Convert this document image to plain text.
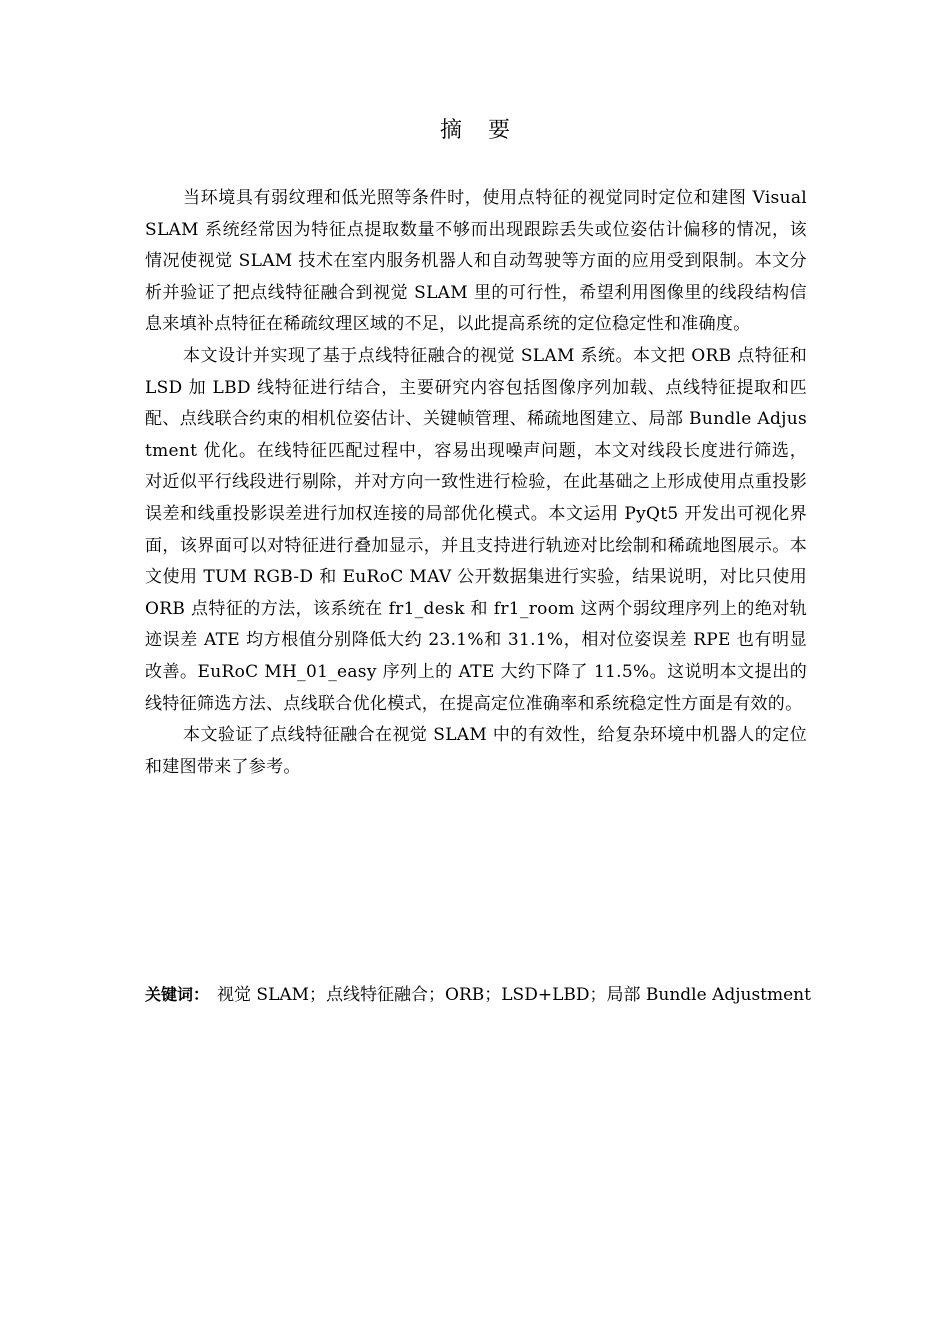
摘要

当环境具有弱纹理和低光照等条件时，使用点特征的视觉同时定位和建图 Visual SLAM 系统经常因为特征点提取数量不够而出现跟踪丢失或位姿估计偏移的情况，该情况使视觉 SLAM 技术在室内服务机器人和自动驾驶等方面的应用受到限制。本文分析并验证了把点线特征融合到视觉 SLAM 里的可行性，希望利用图像里的线段结构信息来填补点特征在稀疏纹理区域的不足，以此提高系统的定位稳定性和准确度。

本文设计并实现了基于点线特征融合的视觉 SLAM 系统。本文把 ORB 点特征和 LSD 加 LBD 线特征进行结合，主要研究内容包括图像序列加载、点线特征提取和匹配、点线联合约束的相机位姿估计、关键帧管理、稀疏地图建立、局部 Bundle Adjustment 优化。在线特征匹配过程中，容易出现噪声问题，本文对线段长度进行筛选，对近似平行线段进行剔除，并对方向一致性进行检验，在此基础之上形成使用点重投影误差和线重投影误差进行加权连接的局部优化模式。本文运用 PyQt5 开发出可视化界面，该界面可以对特征进行叠加显示，并且支持进行轨迹对比绘制和稀疏地图展示。本文使用 TUM RGB-D 和 EuRoC MAV 公开数据集进行实验，结果说明，对比只使用 ORB 点特征的方法，该系统在 fr1_desk 和 fr1_room 这两个弱纹理序列上的绝对轨迹误差 ATE 均方根值分别降低大约 23.1%和 31.1%，相对位姿误差 RPE 也有明显改善。EuRoC MH_01_easy 序列上的 ATE 大约下降了 11.5%。这说明本文提出的线特征筛选方法、点线联合优化模式，在提高定位准确率和系统稳定性方面是有效的。

本文验证了点线特征融合在视觉 SLAM 中的有效性，给复杂环境中机器人的定位和建图带来了参考。

关键词： 视觉 SLAM；点线特征融合；ORB；LSD+LBD；局部 Bundle Adjustment
